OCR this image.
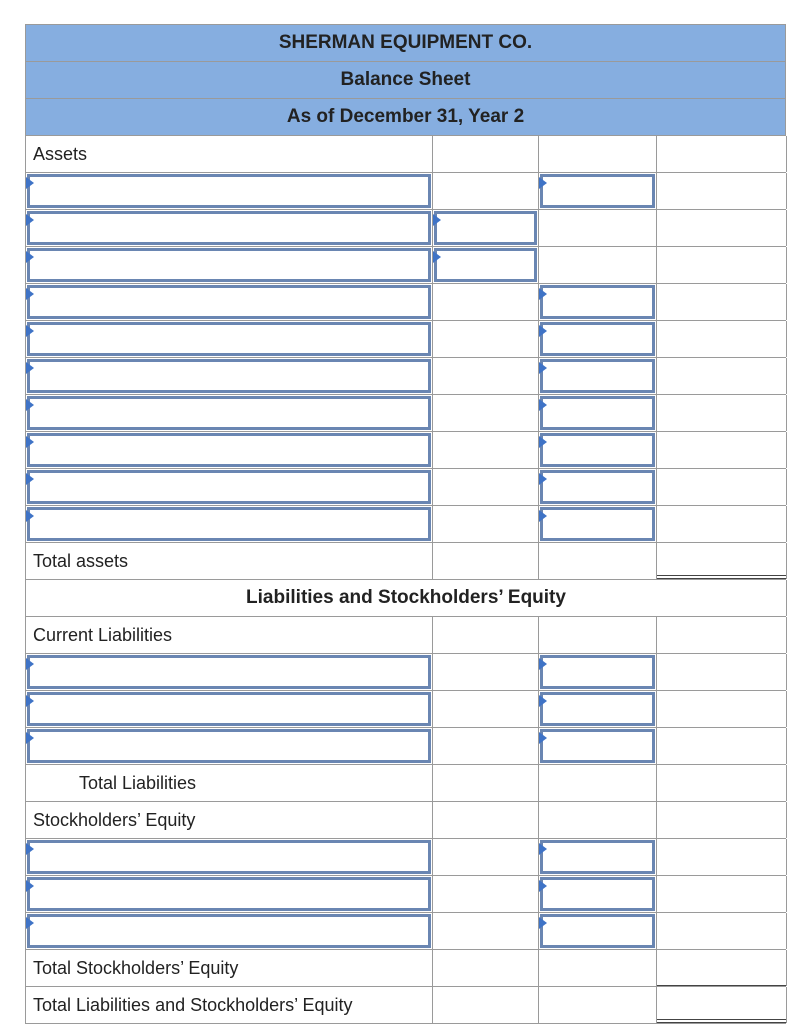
SHERMAN EQUIPMENT CO.
Balance Sheet
As of December 31, Year 2
Assets
Total assets
Liabilities and Stockholders’ Equity
Current Liabilities
Total Liabilities
Stockholders’ Equity
Total Stockholders’ Equity
Total Liabilities and Stockholders’ Equity
